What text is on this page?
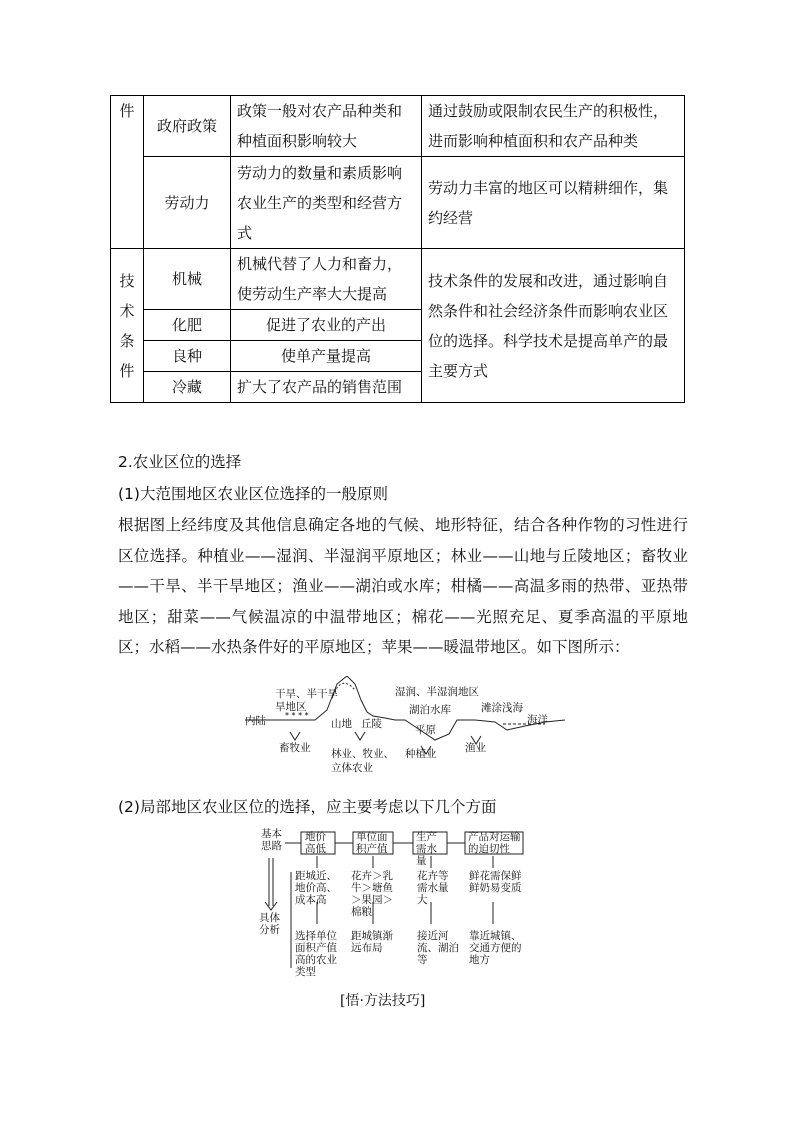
件	政府政策	政策一般对农产品种类和种植面积影响较大	通过鼓励或限制农民生产的积极性，进而影响种植面积和农产品种类
	劳动力	劳动力的数量和素质影响农业生产的类型和经营方式	劳动力丰富的地区可以精耕细作，集约经营

技
术
条
件	机械	机械代替了人力和畜力，使劳动生产率大大提高	技术条件的发展和改进，通过影响自然条件和社会经济条件而影响农业区位的选择。科学技术是提高单产的最主要方式
	化肥	促进了农业的产出	
	良种	使单产量提高	
	冷藏	扩大了农产品的销售范围	
2.农业区位的选择
(1)大范围地区农业区位选择的一般原则
根据图上经纬度及其他信息确定各地的气候、地形特征，结合各种作物的习性进行区位选择。种植业——湿润、半湿润平原地区；林业——山地与丘陵地区；畜牧业——干旱、半干旱地区；渔业——湖泊或水库；柑橘——高温多雨的热带、亚热带地区；甜菜——气候温凉的中温带地区；棉花——光照充足、夏季高温的平原地区；水稻——水热条件好的平原地区；苹果——暖温带地区。如下图所示：
* * * *
干旱、半干旱
旱地区
内陆	山地 丘陵
湿润、半湿润地区
湖泊水库	滩涂浅海
海洋
平原
畜牧业 林业、牧业、
立体农业
种植业	渔业
(2)局部地区农业区位的选择，应主要考虑以下几个方面
基本思路
具体分析
地价高低
单位面积产值
生产需水量
产品对运输的迫切性
距城近、地价高、成本高
花卉＞乳牛＞塘鱼＞果园＞棉粮
花卉等需水量大
鲜花需保鲜鲜奶易变质
选择单位面积产值高的农业类型
距城镇渐远布局
接近河流、湖泊等
靠近城镇、交通方便的地方
[悟·方法技巧]
